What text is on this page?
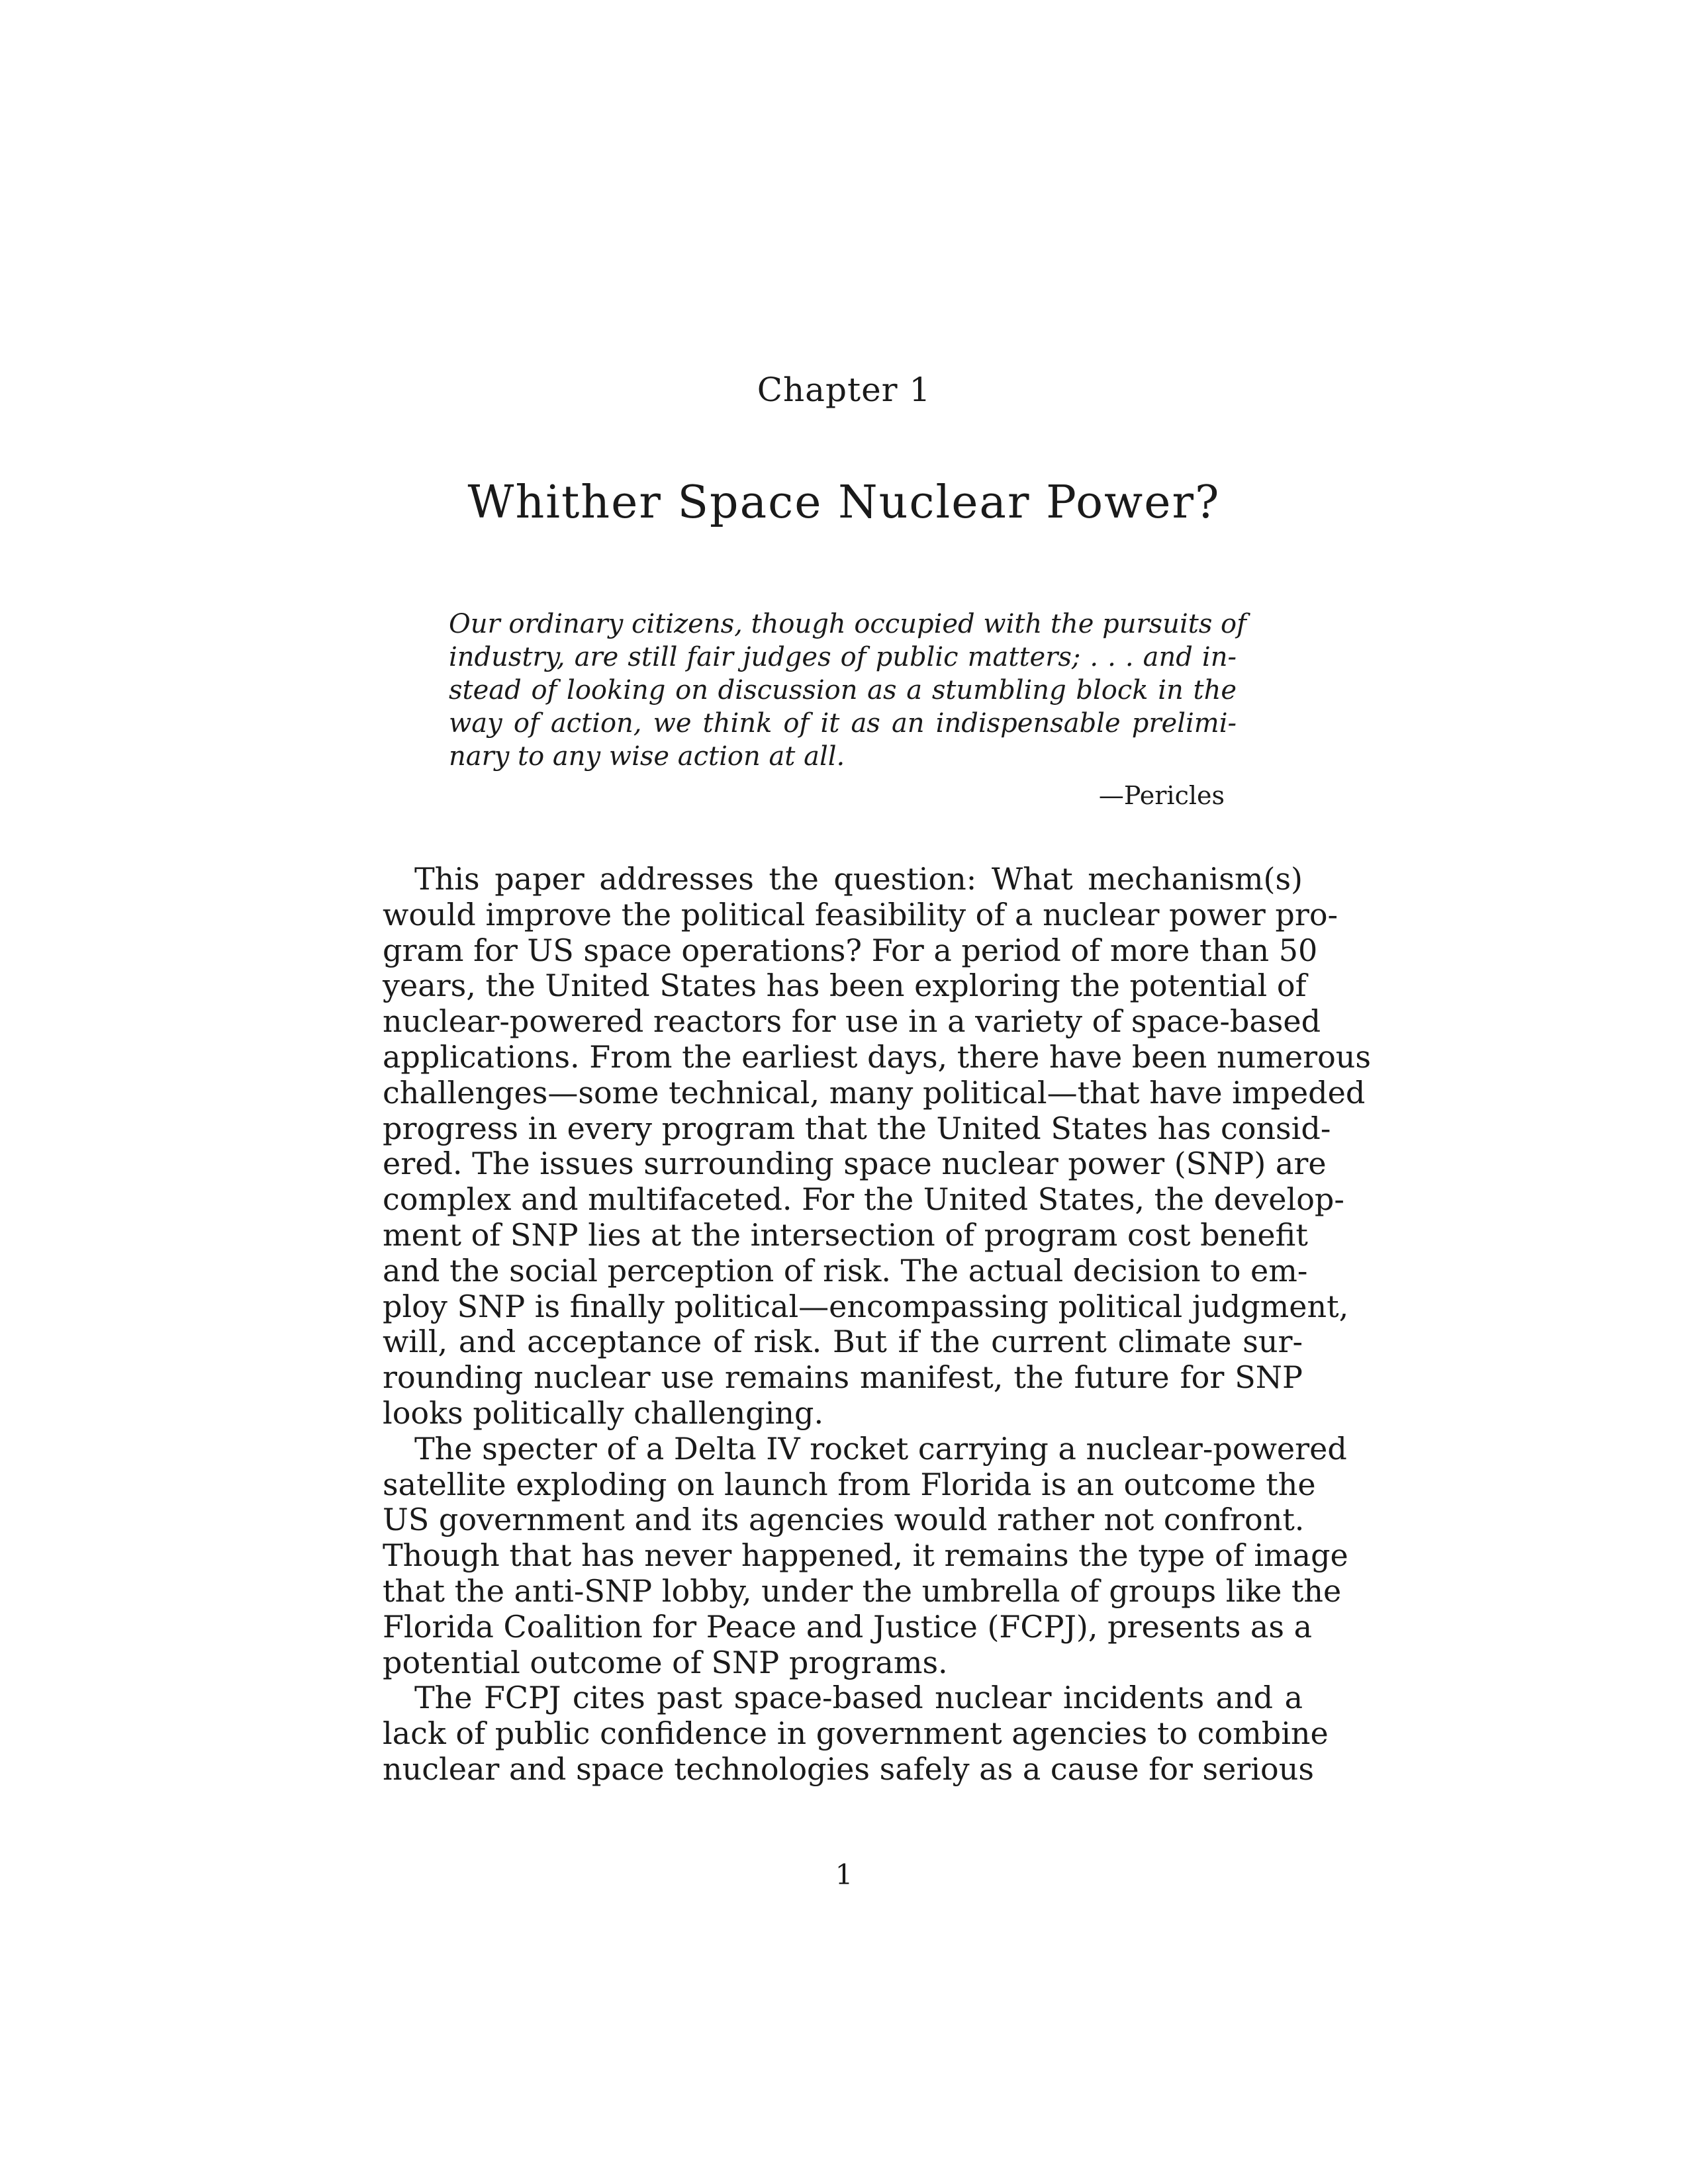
Chapter 1
Whither Space Nuclear Power?
Our ordinary citizens, though occupied with the pursuits of
industry, are still fair judges of public matters; . . . and in-
stead of looking on discussion as a stumbling block in the
way of action, we think of it as an indispensable prelimi-
nary to any wise action at all.
—Pericles
This paper addresses the question: What mechanism(s)
would improve the political feasibility of a nuclear power pro-
gram for US space operations? For a period of more than 50
years, the United States has been exploring the potential of
nuclear-powered reactors for use in a variety of space-based
applications. From the earliest days, there have been numerous
challenges—some technical, many political—that have impeded
progress in every program that the United States has consid-
ered. The issues surrounding space nuclear power (SNP) are
complex and multifaceted. For the United States, the develop-
ment of SNP lies at the intersection of program cost benefit
and the social perception of risk. The actual decision to em-
ploy SNP is finally political—encompassing political judgment,
will, and acceptance of risk. But if the current climate sur-
rounding nuclear use remains manifest, the future for SNP
looks politically challenging.
The specter of a Delta IV rocket carrying a nuclear-powered
satellite exploding on launch from Florida is an outcome the
US government and its agencies would rather not confront.
Though that has never happened, it remains the type of image
that the anti-SNP lobby, under the umbrella of groups like the
Florida Coalition for Peace and Justice (FCPJ), presents as a
potential outcome of SNP programs.
The FCPJ cites past space-based nuclear incidents and a
lack of public confidence in government agencies to combine
nuclear and space technologies safely as a cause for serious
1
